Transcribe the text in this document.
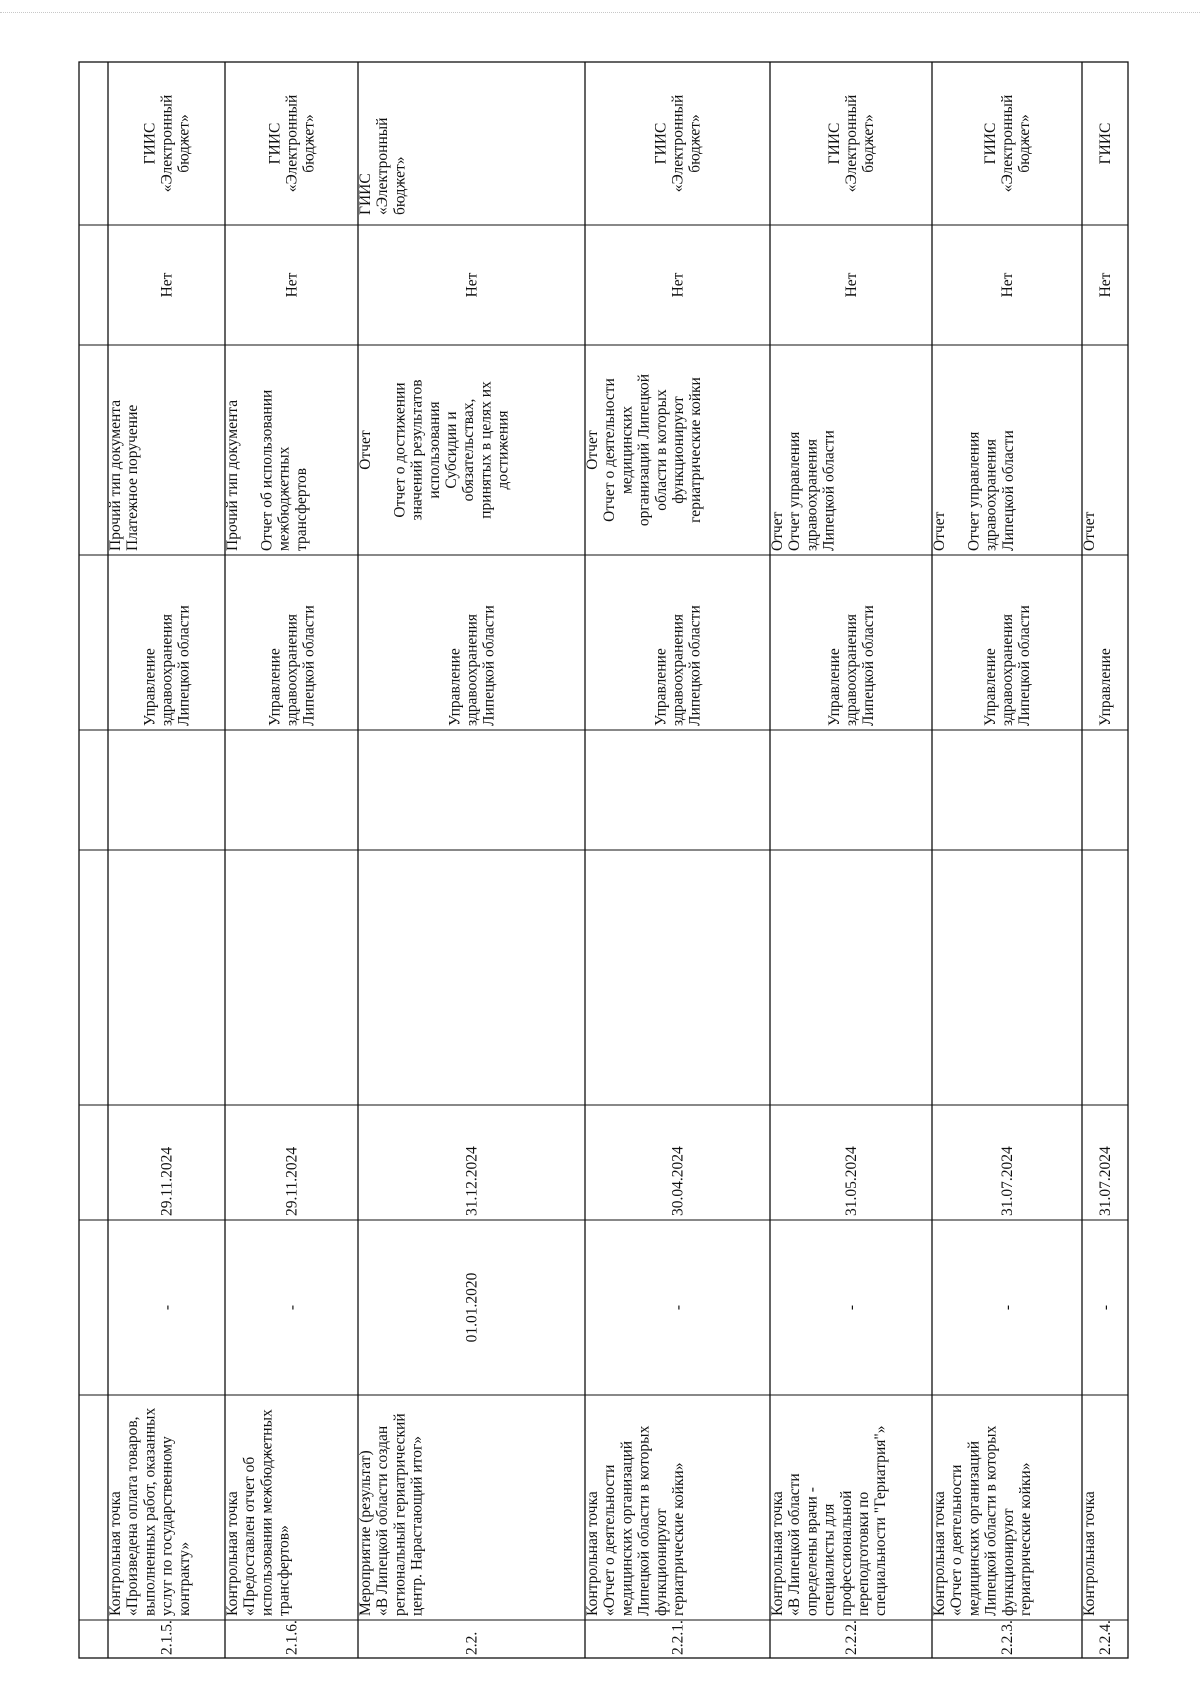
2.1.5.
Контрольная точка «Произведена оплата товаров, выполненных работ, оказанных услуг по государственному контракту»
-
29.11.2024
Управление здравоохранения Липецкой области
Прочий тип документа Платежное поручение
Нет
ГИИС «Электронный бюджет»
2.1.6.
Контрольная точка «Предоставлен отчет об использовании межбюджетных трансфертов»
-
29.11.2024
Управление здравоохранения Липецкой области
Прочий тип документа Отчет об использовании межбюджетных трансфертов
Нет
ГИИС «Электронный бюджет»
2.2.
Мероприятие (результат) «В Липецкой области создан региональный гериатрический центр. Нарастающий итог»
01.01.2020
31.12.2024
Управление здравоохранения Липецкой области
Отчет Отчет о достижении значений результатов использования Субсидии и обязательствах, принятых в целях их достижения
Нет
ГИИС «Электронный бюджет»
2.2.1.
Контрольная точка «Отчет о деятельности медицинских организаций Липецкой области в которых функционируют гериатрические койки»
-
30.04.2024
Управление здравоохранения Липецкой области
Отчет Отчет о деятельности медицинских организаций Липецкой области в которых функционируют гериатрические койки
Нет
ГИИС «Электронный бюджет»
2.2.2.
Контрольная точка «В Липецкой области определены врачи - специалисты для профессиональной переподготовки по специальности "Гериатрия"»
-
31.05.2024
Управление здравоохранения Липецкой области
Отчет Отчет управления здравоохранения Липецкой области
Нет
ГИИС «Электронный бюджет»
2.2.3.
Контрольная точка «Отчет о деятельности медицинских организаций Липецкой области в которых функционируют гериатрические койки»
-
31.07.2024
Управление здравоохранения Липецкой области
Отчет Отчет управления здравоохранения Липецкой области
Нет
ГИИС «Электронный бюджет»
2.2.4.
Контрольная точка
-
31.07.2024
Управление
Отчет
Нет
ГИИС
